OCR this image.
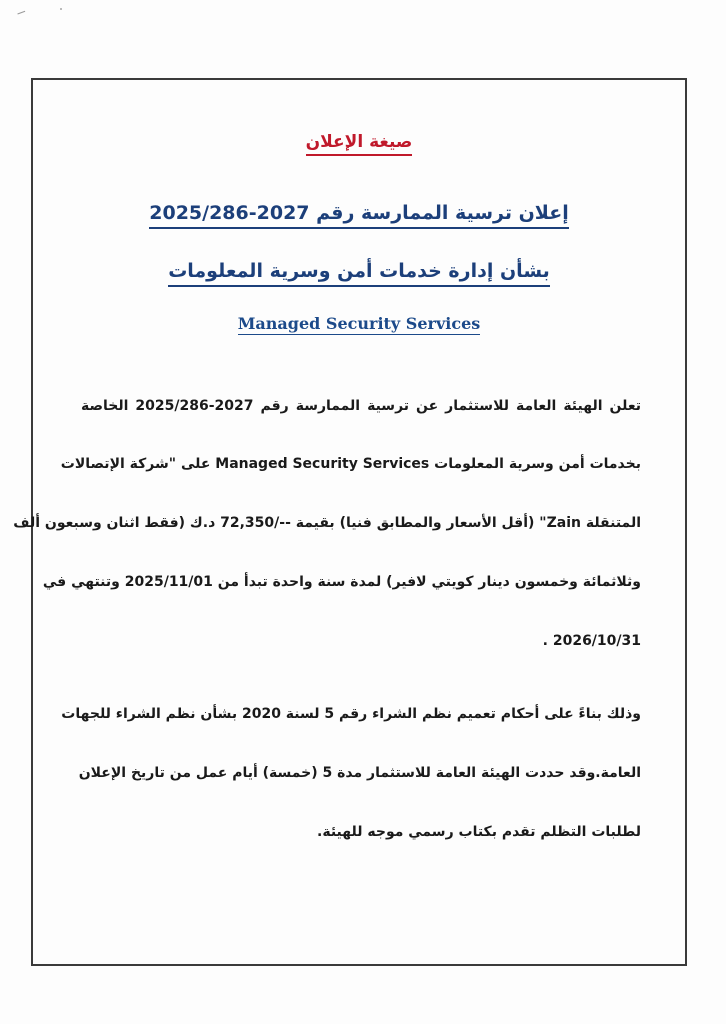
صيغة الإعلان
إعلان ترسية الممارسة رقم 2027-2025/286
بشأن إدارة خدمات أمن وسرية المعلومات
Managed Security Services
تعلن الهيئة العامة للاستثمار عن ترسية الممارسة رقم 2027-2025/286 الخاصة
بخدمات أمن وسرية المعلومات Managed Security Services على "شركة الإتصالات
المتنقلة Zain" (أقل الأسعار والمطابق فنيا) بقيمة --/72,350 د.ك (فقط اثنان وسبعون ألف
وثلاثمائة وخمسون دينار كويتي لافير) لمدة سنة واحدة تبدأ من 2025/11/01 وتنتهي في
2026/10/31 .
وذلك بناءً على أحكام تعميم نظم الشراء رقم 5 لسنة 2020 بشأن نظم الشراء للجهات
العامة.وقد حددت الهيئة العامة للاستثمار مدة 5 (خمسة) أيام عمل من تاريخ الإعلان
لطلبات التظلم تقدم بكتاب رسمي موجه للهيئة.
